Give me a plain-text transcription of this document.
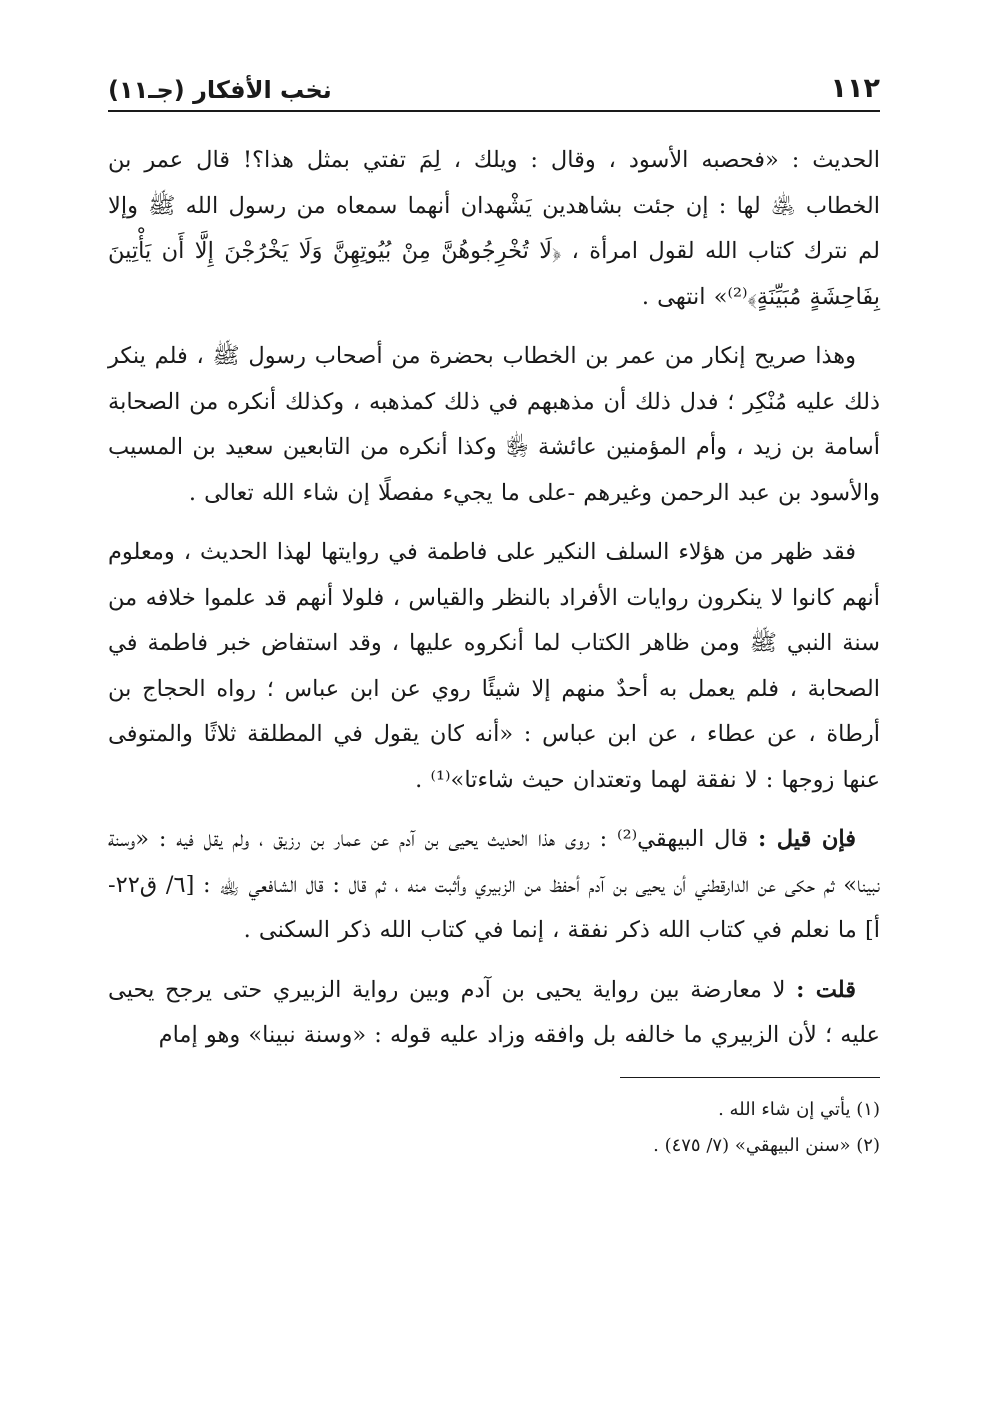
١١٢
نخب الأفكار (جـ١١)

الحديث : «فحصبه الأسود ، وقال : ويلك ، لِمَ تفتي بمثل هذا؟! قال عمر بن الخطاب ﵁ لها : إن جئت بشاهدين يَشْهدان أنهما سمعاه من رسول الله ﷺ وإلا لم نترك كتاب الله لقول امرأة ، ﴿لَا تُخْرِجُوهُنَّ مِنْ بُيُوتِهِنَّ وَلَا يَخْرُجْنَ إِلَّا أَن يَأْتِينَ بِفَاحِشَةٍ مُبَيِّنَةٍ﴾⁽²⁾» انتهى .

وهذا صريح إنكار من عمر بن الخطاب بحضرة من أصحاب رسول ﷺ ، فلم ينكر ذلك عليه مُنْكِر ؛ فدل ذلك أن مذهبهم في ذلك كمذهبه ، وكذلك أنكره من الصحابة أسامة بن زيد ، وأم المؤمنين عائشة ﵂ وكذا أنكره من التابعين سعيد بن المسيب والأسود بن عبد الرحمن وغيرهم -على ما يجيء مفصلًا إن شاء الله تعالى .

فقد ظهر من هؤلاء السلف النكير على فاطمة في روايتها لهذا الحديث ، ومعلوم أنهم كانوا لا ينكرون روايات الأفراد بالنظر والقياس ، فلولا أنهم قد علموا خلافه من سنة النبي ﷺ ومن ظاهر الكتاب لما أنكروه عليها ، وقد استفاض خبر فاطمة في الصحابة ، فلم يعمل به أحدٌ منهم إلا شيئًا روي عن ابن عباس ؛ رواه الحجاج بن أرطاة ، عن عطاء ، عن ابن عباس : «أنه كان يقول في المطلقة ثلاثًا والمتوفى عنها زوجها : لا نفقة لهما وتعتدان حيث شاءتا»⁽¹⁾ .

فإن قيل : قال البيهقي⁽²⁾ : روى هذا الحديث يحيى بن آدم عن عمار بن رزيق ، ولم يقل فيه : «وسنة نبينا» ثم حكى عن الدارقطني أن يحيى بن آدم أحفظ من الزبيري وأثبت منه ، ثم قال : قال الشافعي ﵀ : [٦/ ق٢٢-أ] ما نعلم في كتاب الله ذكر نفقة ، إنما في كتاب الله ذكر السكنى .

قلت : لا معارضة بين رواية يحيى بن آدم وبين رواية الزبيري حتى يرجح يحيى عليه ؛ لأن الزبيري ما خالفه بل وافقه وزاد عليه قوله : «وسنة نبينا» وهو إمام

(١) يأتي إن شاء الله .

(٢) «سنن البيهقي» (٧/ ٤٧٥) .
